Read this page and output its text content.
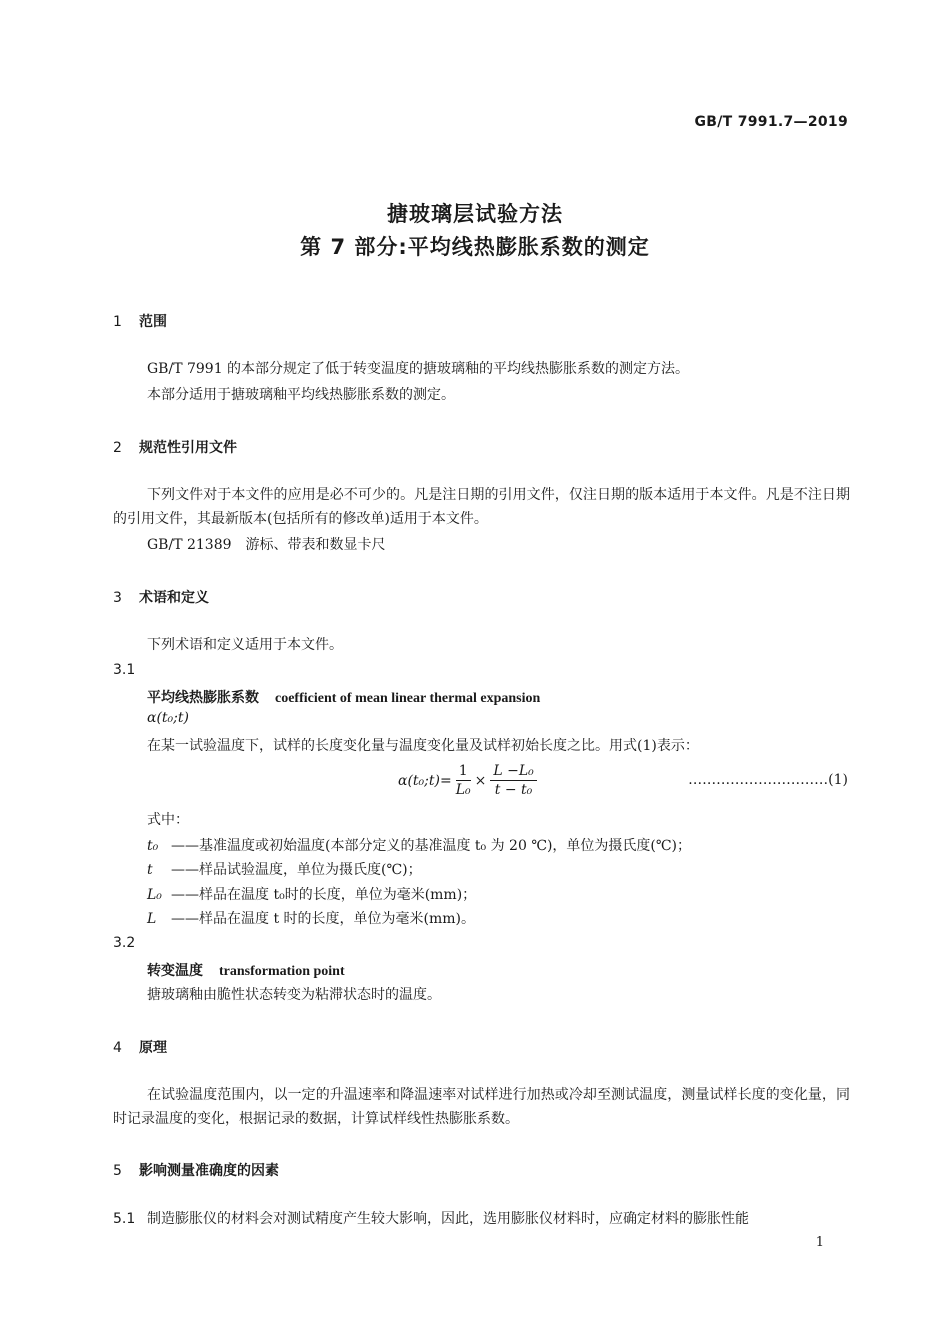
GB/T 7991.7—2019
搪玻璃层试验方法
第 7 部分:平均线热膨胀系数的测定
1 范围
GB/T 7991 的本部分规定了低于转变温度的搪玻璃釉的平均线热膨胀系数的测定方法。
本部分适用于搪玻璃釉平均线热膨胀系数的测定。
2 规范性引用文件
下列文件对于本文件的应用是必不可少的。凡是注日期的引用文件，仅注日期的版本适用于本文件。凡是不注日期的引用文件，其最新版本(包括所有的修改单)适用于本文件。
GB/T 21389　游标、带表和数显卡尺
3 术语和定义
下列术语和定义适用于本文件。
3.1
平均线热膨胀系数 coefficient of mean linear thermal expansion
α(t₀;t)
在某一试验温度下，试样的长度变化量与温度变化量及试样初始长度之比。用式(1)表示：
α(t₀;t)= $\frac{1}{\text{L₀}} \times \frac{\text{L −L₀}}{\text{t − t₀}}$	…………………………(1)
式中：
t₀ ——基准温度或初始温度(本部分定义的基准温度 t₀ 为 20 ℃)，单位为摄氏度(℃)；
t ——样品试验温度，单位为摄氏度(℃)；
L₀ ——样品在温度 t₀时的长度，单位为毫米(mm)；
L ——样品在温度 t 时的长度，单位为毫米(mm)。
3.2
转变温度 transformation point
搪玻璃釉由脆性状态转变为粘滞状态时的温度。
4 原理
在试验温度范围内，以一定的升温速率和降温速率对试样进行加热或冷却至测试温度，测量试样长度的变化量，同时记录温度的变化，根据记录的数据，计算试样线性热膨胀系数。
5 影响测量准确度的因素
5.1 制造膨胀仪的材料会对测试精度产生较大影响，因此，选用膨胀仪材料时，应确定材料的膨胀性能
1
